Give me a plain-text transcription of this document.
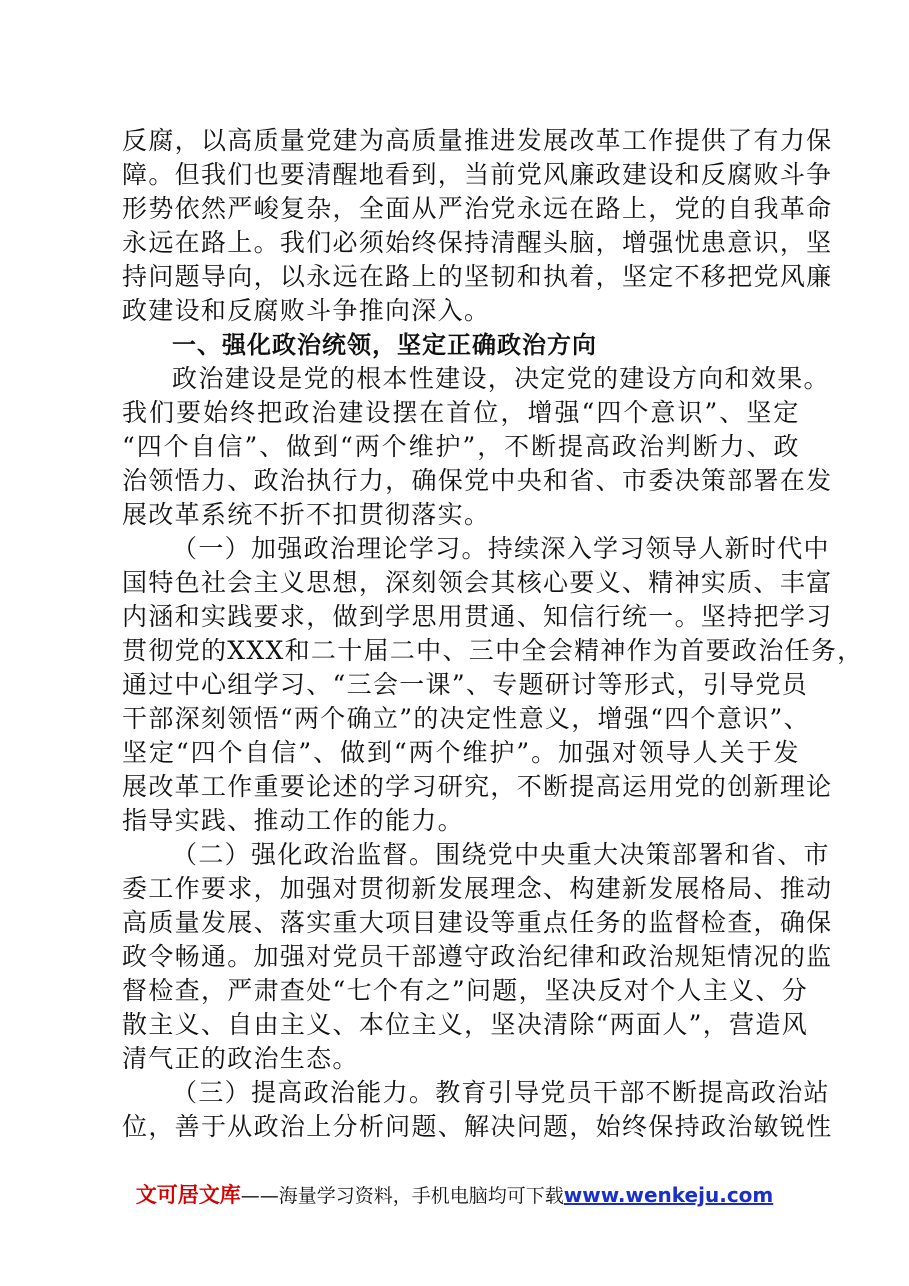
反 腐 ， 以 高 质 量 党 建 为 高 质 量 推 进 发 展 改 革 工 作 提 供 了 有 力 保
障 。 但 我 们 也 要 清 醒 地 看 到 ， 当 前 党 风 廉 政 建 设 和 反 腐 败 斗 争
形 势 依 然 严 峻 复 杂 ， 全 面 从 严 治 党 永 远 在 路 上 ， 党 的 自 我 革 命
永 远 在 路 上 。 我 们 必 须 始 终 保 持 清 醒 头 脑 ， 增 强 忧 患 意 识 ， 坚
持 问 题 导 向 ， 以 永 远 在 路 上 的 坚 韧 和 执 着 ， 坚 定 不 移 把 党 风 廉
政建设和反腐败斗争推向深入。
一、强化政治统领，坚定正确政治方向
政 治 建 设 是 党 的 根 本 性 建 设 ， 决 定 党 的 建 设 方 向 和 效 果 。
我 们 要 始 终 把 政 治 建 设 摆 在 首 位 ， 增 强 “ 四 个 意 识 ” 、 坚 定
“ 四 个 自 信 ” 、 做 到 “ 两 个 维 护 ” ， 不 断 提 高 政 治 判 断 力 、 政
治 领 悟 力 、 政 治 执 行 力 ， 确 保 党 中 央 和 省 、 市 委 决 策 部 署 在 发
展改革系统不折不扣贯彻落实。
（ 一 ） 加 强 政 治 理 论 学 习 。 持 续 深 入 学 习 领 导 人 新 时 代 中
国 特 色 社 会 主 义 思 想 ， 深 刻 领 会 其 核 心 要 义 、 精 神 实 质 、 丰 富
内 涵 和 实 践 要 求 ， 做 到 学 思 用 贯 通 、 知 信 行 统 一 。 坚 持 把 学 习
贯 彻 党 的 X X X 和 二 十 届 二 中 、 三 中 全 会 精 神 作 为 首 要 政 治 任 务 ，
通 过 中 心 组 学 习 、 “ 三 会 一 课 ” 、 专 题 研 讨 等 形 式 ， 引 导 党 员
干 部 深 刻 领 悟 “ 两 个 确 立 ” 的 决 定 性 意 义 ， 增 强 “ 四 个 意 识 ” 、
坚 定 “ 四 个 自 信 ” 、 做 到 “ 两 个 维 护 ” 。 加 强 对 领 导 人 关 于 发
展 改 革 工 作 重 要 论 述 的 学 习 研 究 ， 不 断 提 高 运 用 党 的 创 新 理 论
指导实践、推动工作的能力。
（ 二 ） 强 化 政 治 监 督 。 围 绕 党 中 央 重 大 决 策 部 署 和 省 、 市
委 工 作 要 求 ， 加 强 对 贯 彻 新 发 展 理 念 、 构 建 新 发 展 格 局 、 推 动
高 质 量 发 展 、 落 实 重 大 项 目 建 设 等 重 点 任 务 的 监 督 检 查 ， 确 保
政 令 畅 通 。 加 强 对 党 员 干 部 遵 守 政 治 纪 律 和 政 治 规 矩 情 况 的 监
督 检 查 ， 严 肃 查 处 “ 七 个 有 之 ” 问 题 ， 坚 决 反 对 个 人 主 义 、 分
散 主 义 、 自 由 主 义 、 本 位 主 义 ， 坚 决 清 除 “ 两 面 人 ” ， 营 造 风
清气正的政治生态。
（ 三 ） 提 高 政 治 能 力 。 教 育 引 导 党 员 干 部 不 断 提 高 政 治 站
位 ， 善 于 从 政 治 上 分 析 问 题 、 解 决 问 题 ， 始 终 保 持 政 治 敏 锐 性
文可居文库——海量学习资料，手机电脑均可下载www.wenkeju.com
